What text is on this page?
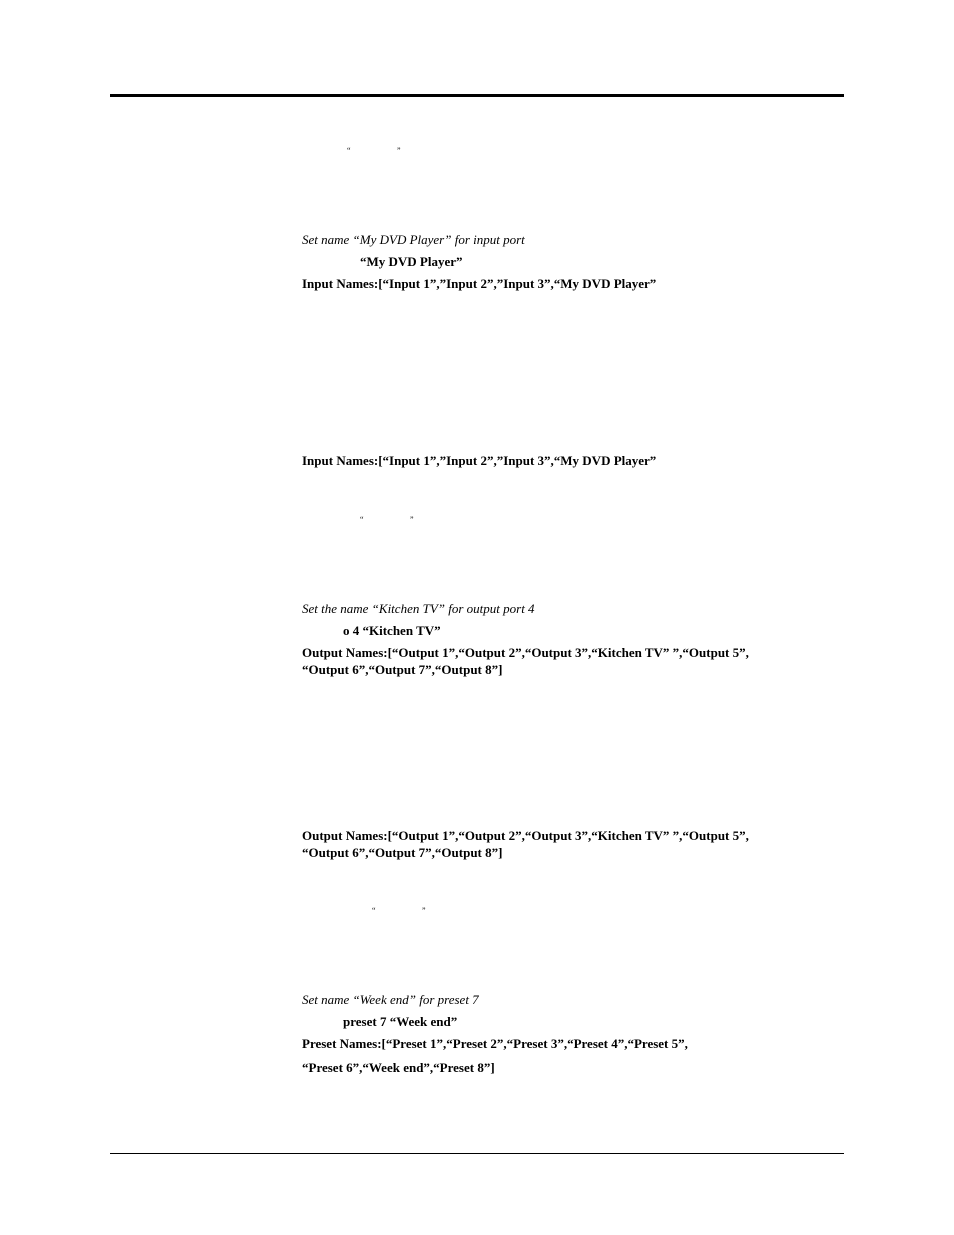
“	”
Set name “My DVD Player” for input port
“My DVD Player”
Input Names:[“Input 1”,”Input 2”,”Input 3”,“My DVD Player”
Input Names:[“Input 1”,”Input 2”,”Input 3”,“My DVD Player”
“	”
Set the name “Kitchen TV” for output port 4
o 4 “Kitchen TV”
Output Names:[“Output 1”,“Output 2”,“Output 3”,“Kitchen TV” ”,“Output 5”,
“Output 6”,“Output 7”,“Output 8”]
Output Names:[“Output 1”,“Output 2”,“Output 3”,“Kitchen TV” ”,“Output 5”,
“Output 6”,“Output 7”,“Output 8”]
“	”
Set name “Week end” for preset 7
preset 7 “Week end”
Preset Names:[“Preset 1”,“Preset 2”,“Preset 3”,“Preset 4”,“Preset 5”,
“Preset 6”,“Week end”,“Preset 8”]
